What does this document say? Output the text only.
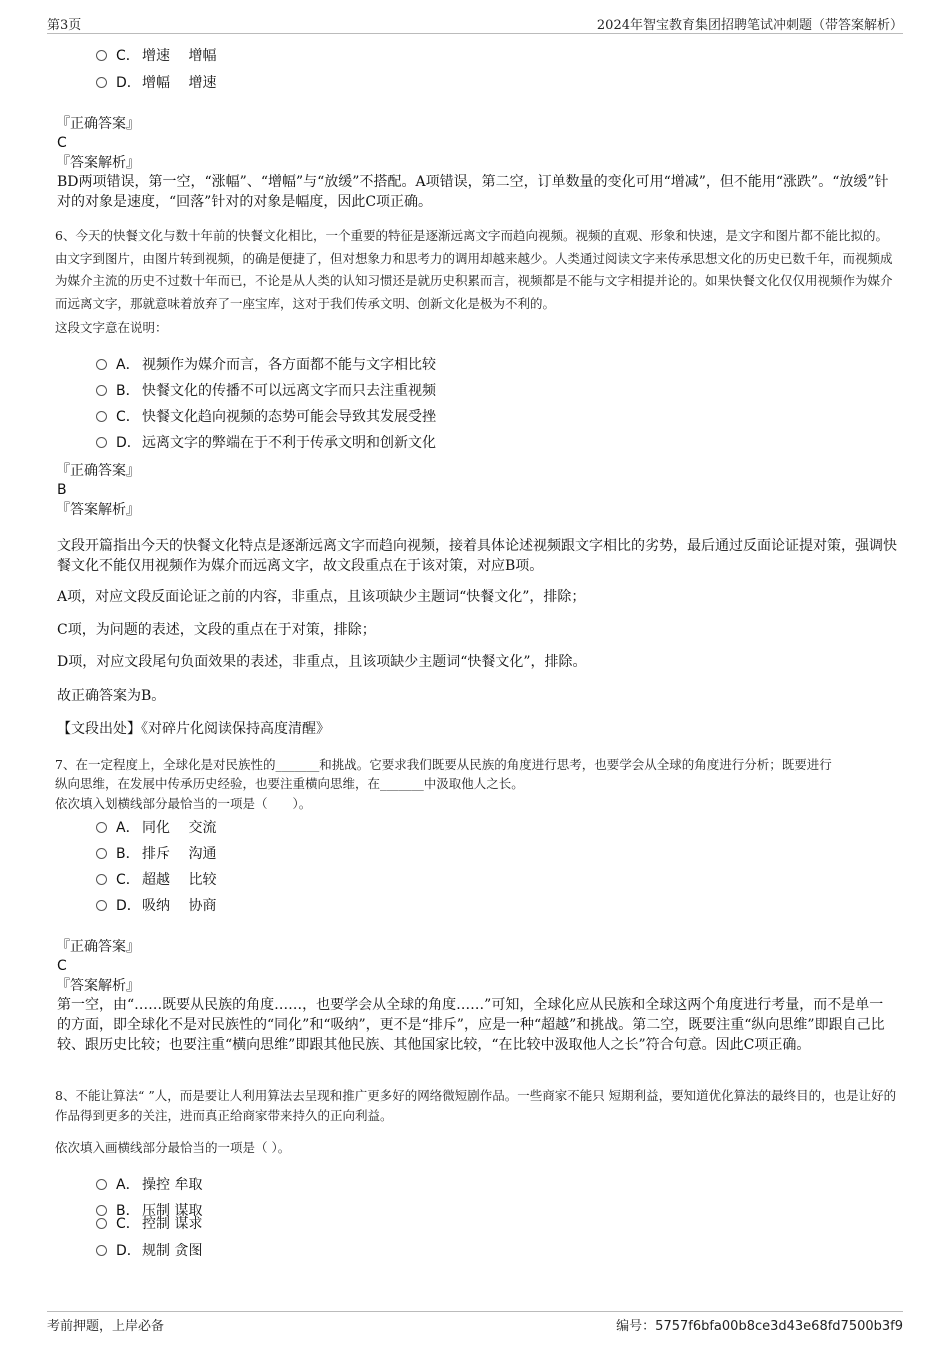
第3页	2024年智宝教育集团招聘笔试冲刺题（带答案解析）
C． 增速　 增幅
D．增幅　 增速
『正确答案』
C
『答案解析』
BD两项错误，第一空，“涨幅”、“增幅”与“放缓”不搭配。A项错误，第二空，订单数量的变化可用“增减”，但不能用“涨跌”。“放缓”针对的对象是速度，“回落”针对的对象是幅度，因此C项正确。
6、今天的快餐文化与数十年前的快餐文化相比，一个重要的特征是逐渐远离文字而趋向视频。视频的直观、形象和快速，是文字和图片都不能比拟的。由文字到图片，由图片转到视频，的确是便捷了，但对想象力和思考力的调用却越来越少。人类通过阅读文字来传承思想文化的历史已数千年，而视频成为媒介主流的历史不过数十年而已，不论是从人类的认知习惯还是就历史积累而言，视频都是不能与文字相提并论的。如果快餐文化仅仅用视频作为媒介而远离文字，那就意味着放弃了一座宝库，这对于我们传承文明、创新文化是极为不利的。
这段文字意在说明：
A． 视频作为媒介而言，各方面都不能与文字相比较
B． 快餐文化的传播不可以远离文字而只去注重视频
C． 快餐文化趋向视频的态势可能会导致其发展受挫
D．远离文字的弊端在于不利于传承文明和创新文化
『正确答案』
B
『答案解析』
文段开篇指出今天的快餐文化特点是逐渐远离文字而趋向视频，接着具体论述视频跟文字相比的劣势，最后通过反面论证提对策，强调快餐文化不能仅用视频作为媒介而远离文字，故文段重点在于该对策，对应B项。
A项，对应文段反面论证之前的内容，非重点，且该项缺少主题词“快餐文化”，排除；
C项，为问题的表述，文段的重点在于对策，排除；
D项，对应文段尾句负面效果的表述，非重点，且该项缺少主题词“快餐文化”，排除。
故正确答案为B。
【文段出处】《对碎片化阅读保持高度清醒》
7、在一定程度上，全球化是对民族性的_______和挑战。它要求我们既要从民族的角度进行思考，也要学会从全球的角度进行分析；既要进行
纵向思维，在发展中传承历史经验，也要注重横向思维，在_______中汲取他人之长。
依次填入划横线部分最恰当的一项是（　　）。
A． 同化　 交流
B． 排斥　 沟通
C． 超越　 比较
D．吸纳　 协商
『正确答案』
C
『答案解析』
第一空，由“……既要从民族的角度……，也要学会从全球的角度……”可知，全球化应从民族和全球这两个角度进行考量，而不是单一的方面，即全球化不是对民族性的“同化”和“吸纳”，更不是“排斥”，应是一种“超越”和挑战。第二空，既要注重“纵向思维”即跟自己比较、跟历史比较；也要注重“横向思维”即跟其他民族、其他国家比较，“在比较中汲取他人之长”符合句意。因此C项正确。
8、不能让算法“ ”人，而是要让人利用算法去呈现和推广更多好的网络微短剧作品。一些商家不能只 短期利益，要知道优化算法的最终目的，也是让好的作品得到更多的关注，进而真正给商家带来持久的正向利益。
依次填入画横线部分最恰当的一项是（ ）。
A． 操控 牟取
B． 压制 谋取
C． 控制 谋求
D．规制 贪图
考前押题，上岸必备	编号：5757f6bfa00b8ce3d43e68fd7500b3f9
